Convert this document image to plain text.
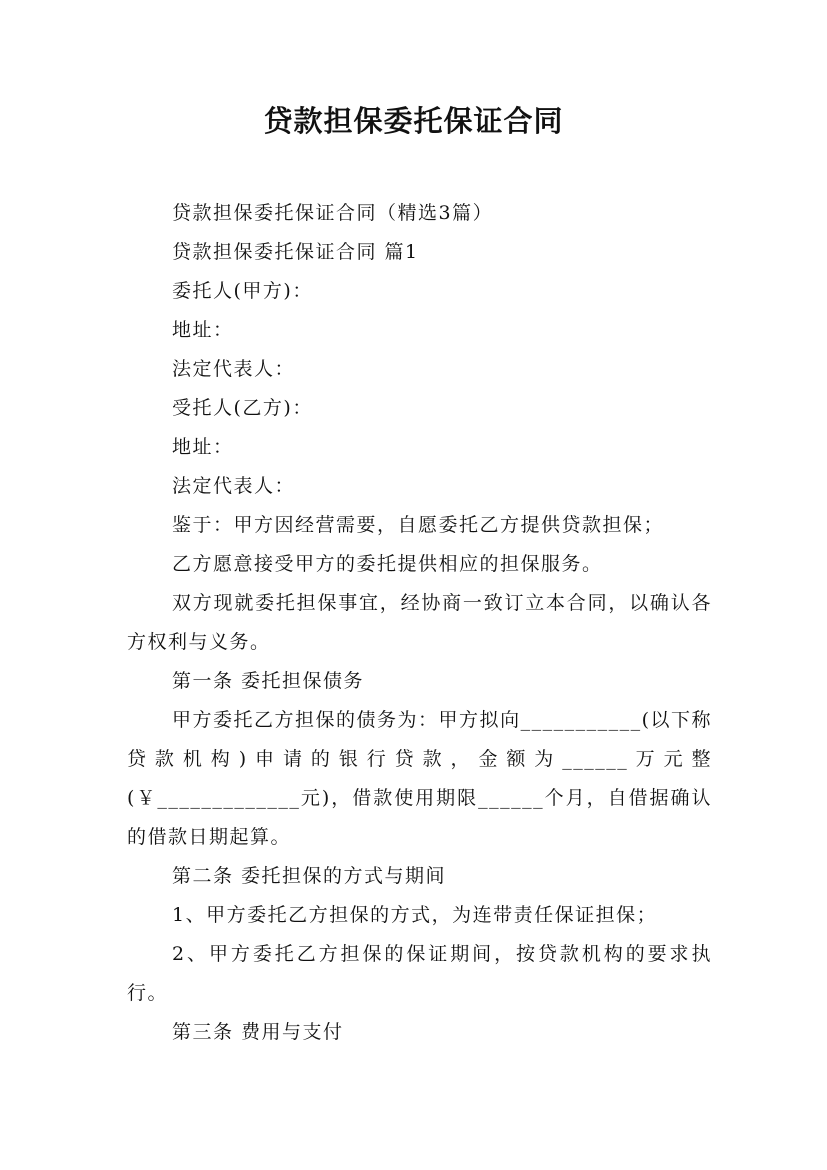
贷款担保委托保证合同

贷款担保委托保证合同（精选3篇）

贷款担保委托保证合同 篇1

委托人(甲方)：

地址：

法定代表人：

受托人(乙方)：

地址：

法定代表人：

鉴于：甲方因经营需要，自愿委托乙方提供贷款担保；

乙方愿意接受甲方的委托提供相应的担保服务。

双方现就委托担保事宜，经协商一致订立本合同，以确认各方权利与义务。

第一条 委托担保债务

甲方委托乙方担保的债务为：甲方拟向___________(以下称贷款机构)申请的银行贷款，金额为______万元整(￥_____________元)，借款使用期限______个月，自借据确认的借款日期起算。

第二条 委托担保的方式与期间

1、甲方委托乙方担保的方式，为连带责任保证担保；

2、甲方委托乙方担保的保证期间，按贷款机构的要求执行。

第三条 费用与支付
